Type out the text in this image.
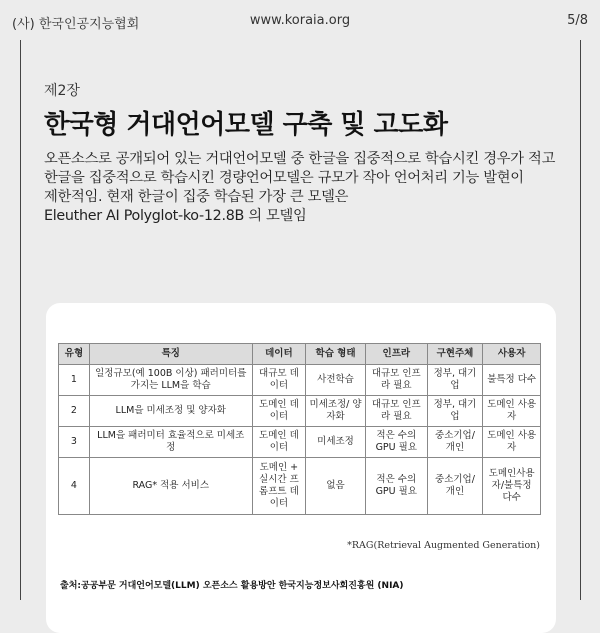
(사) 한국인공지능협회	www.koraia.org	5/8
제2장
한국형 거대언어모델 구축 및 고도화
오픈소스로 공개되어 있는 거대언어모델 중 한글을 집중적으로 학습시킨 경우가 적고
한글을 집중적으로 학습시킨 경량언어모델은 규모가 작아 언어처리 기능 발현이
제한적임. 현재 한글이 집중 학습된 가장 큰 모델은
Eleuther AI Polyglot-ko-12.8B 의 모델임
유형	특징	데이터	학습 형태	인프라	구현주체	사용자
1	일정규모(예 100B 이상) 패러미터를 가지는 LLM을 학습	대규모 데이터	사전학습	대규모 인프라 필요	정부, 대기업	불특정 다수
2	LLM을 미세조정 및 양자화	도메인 데이터	미세조정/ 양자화	대규모 인프라 필요	정부, 대기업	도메인 사용자
3	LLM을 패러미터 효율적으로 미세조정	도메인 데이터	미세조정	적은 수의 GPU 필요	중소기업/ 개인	도메인 사용자
4	RAG* 적용 서비스	도메인 + 실시간 프롬프트 데이터	없음	적은 수의 GPU 필요	중소기업/ 개인	도메인사용 자/불특정 다수
*RAG(Retrieval Augmented Generation)
출처:공공부문 거대언어모델(LLM) 오픈소스 활용방안 한국지능정보사회진흥원 (NIA)
